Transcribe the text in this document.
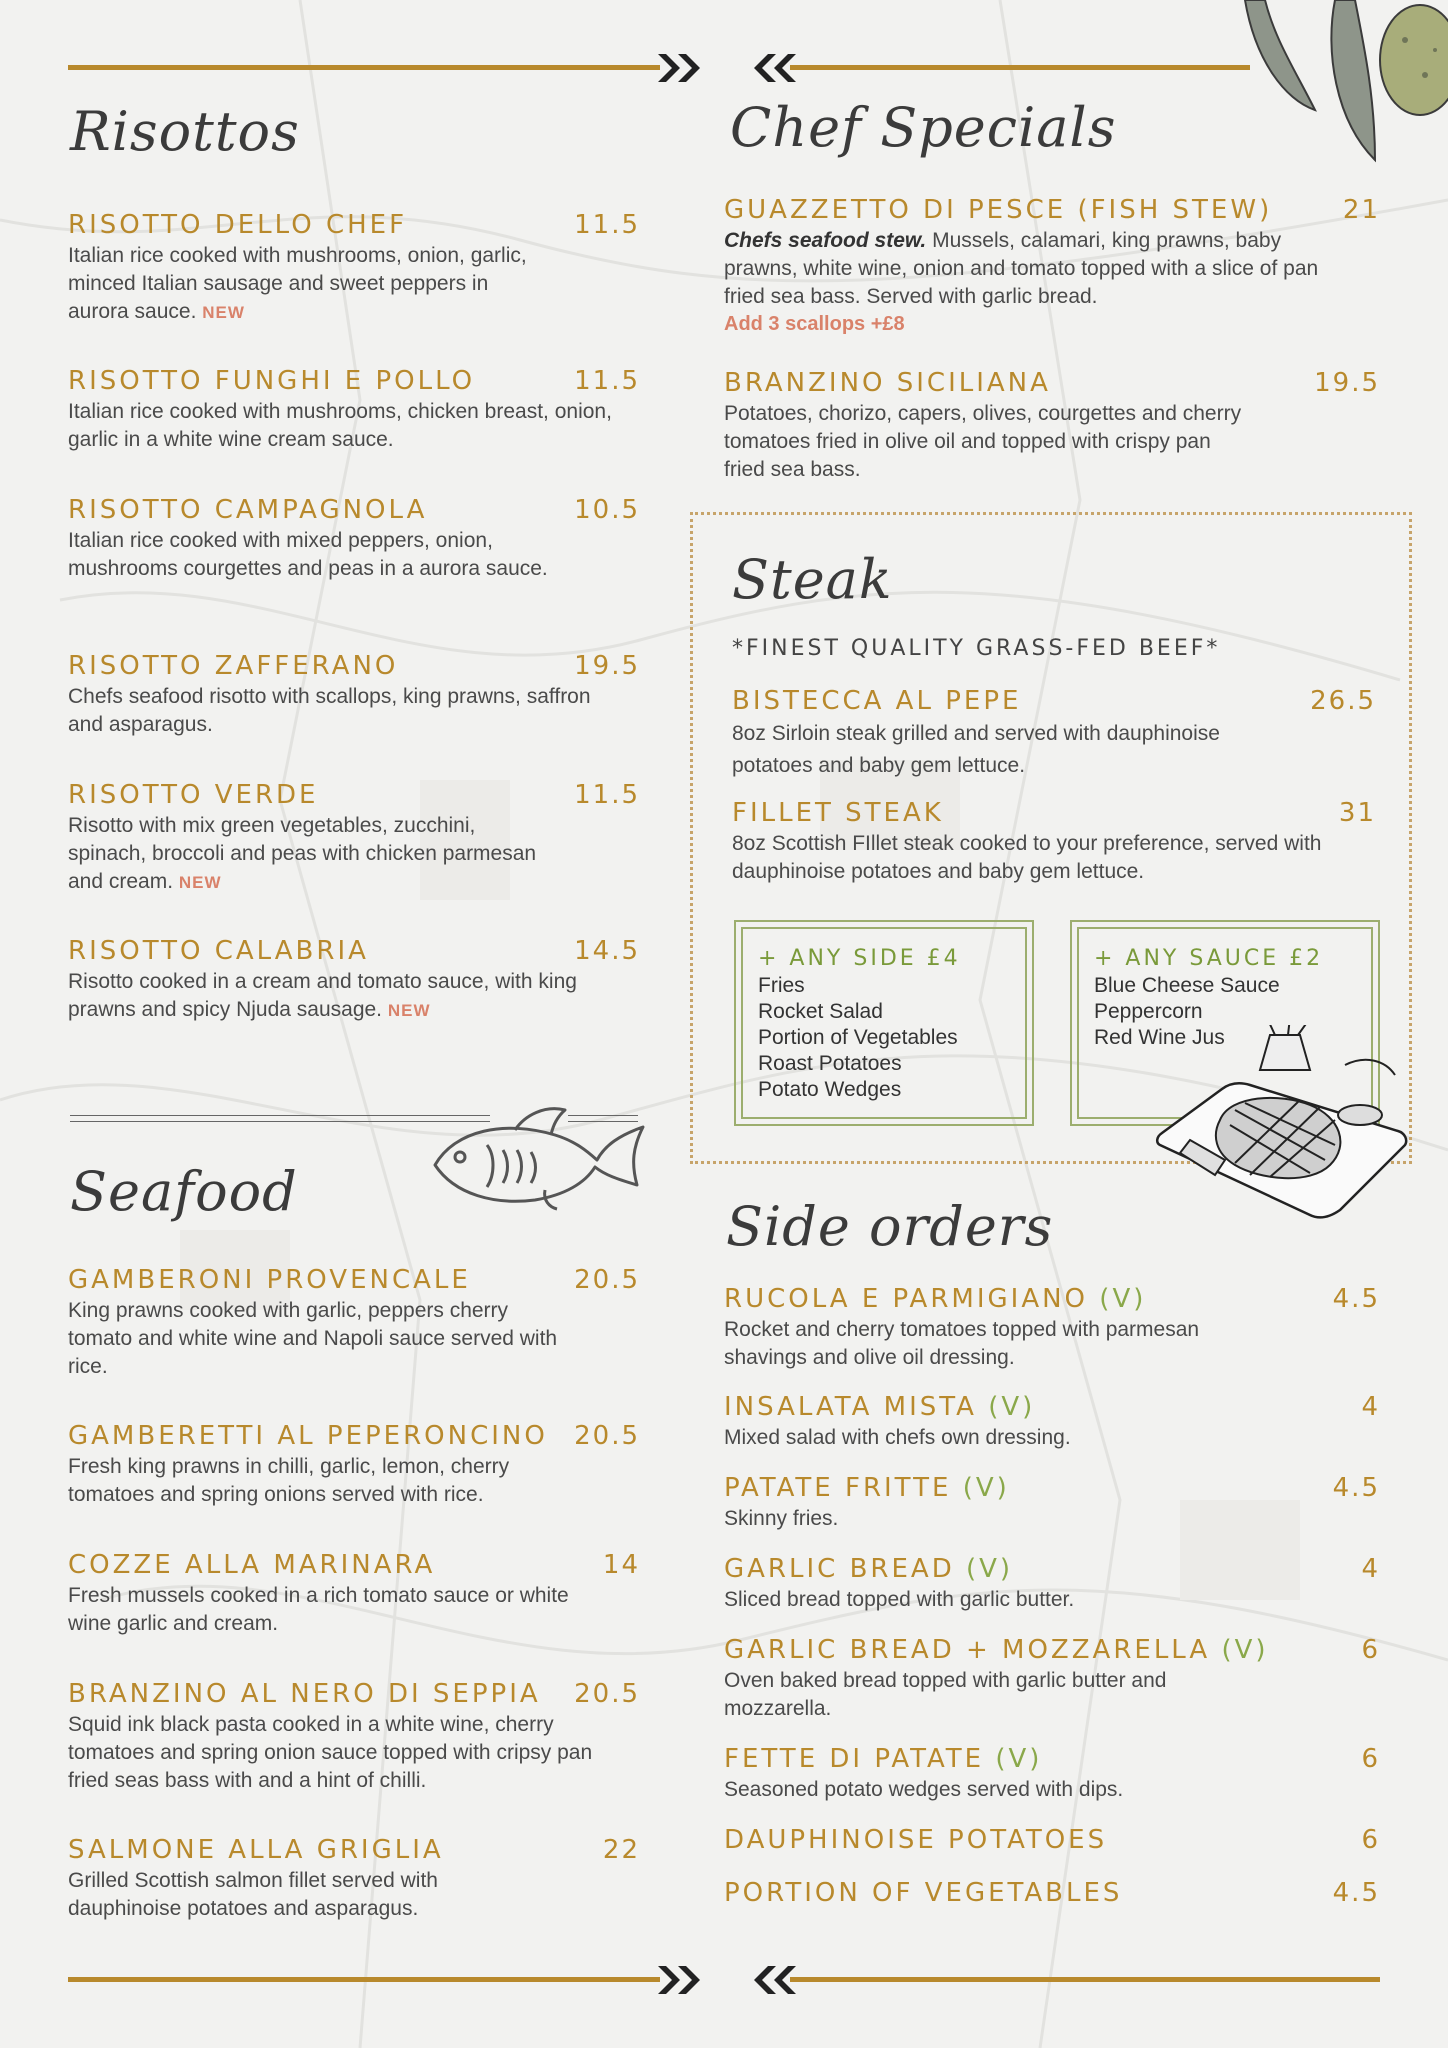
Risottos
RISOTTO DELLO CHEF	11.5
Italian rice cooked with mushrooms, onion, garlic, minced Italian sausage and sweet peppers in aurora sauce. NEW
RISOTTO FUNGHI E POLLO	11.5
Italian rice cooked with mushrooms, chicken breast, onion, garlic in a white wine cream sauce.
RISOTTO CAMPAGNOLA	10.5
Italian rice cooked with mixed peppers, onion, mushrooms courgettes and peas in a aurora sauce.
RISOTTO ZAFFERANO	19.5
Chefs seafood risotto with scallops, king prawns, saffron and asparagus.
RISOTTO VERDE	11.5
Risotto with mix green vegetables, zucchini, spinach, broccoli and peas with chicken parmesan and cream. NEW
RISOTTO CALABRIA	14.5
Risotto cooked in a cream and tomato sauce, with king prawns and spicy Njuda sausage. NEW
Seafood
GAMBERONI PROVENCALE	20.5
King prawns cooked with garlic, peppers cherry tomato and white wine and Napoli sauce served with rice.
GAMBERETTI AL PEPERONCINO 20.5
Fresh king prawns in chilli, garlic, lemon, cherry tomatoes and spring onions served with rice.
COZZE ALLA MARINARA	14
Fresh mussels cooked in a rich tomato sauce or white wine garlic and cream.
BRANZINO AL NERO DI SEPPIA 20.5
Squid ink black pasta cooked in a white wine, cherry tomatoes and spring onion sauce topped with cripsy pan fried seas bass with and a hint of chilli.
SALMONE ALLA GRIGLIA	22
Grilled Scottish salmon fillet served with dauphinoise potatoes and asparagus.
Chef Specials
GUAZZETTO DI PESCE (FISH STEW)	21
Chefs seafood stew. Mussels, calamari, king prawns, baby prawns, white wine, onion and tomato topped with a slice of pan fried sea bass. Served with garlic bread.
Add 3 scallops +£8
BRANZINO SICILIANA	19.5
Potatoes, chorizo, capers, olives, courgettes and cherry tomatoes fried in olive oil and topped with crispy pan fried sea bass.
Steak
*FINEST QUALITY GRASS-FED BEEF*
BISTECCA AL PEPE	26.5
8oz Sirloin steak grilled and served with dauphinoise potatoes and baby gem lettuce.
FILLET STEAK	31
8oz Scottish FIllet steak cooked to your preference, served with dauphinoise potatoes and baby gem lettuce.
+ ANY SIDE £4
Fries
Rocket Salad
Portion of Vegetables
Roast Potatoes
Potato Wedges
+ ANY SAUCE £2
Blue Cheese Sauce
Peppercorn
Red Wine Jus
Side orders
RUCOLA E PARMIGIANO (V)	4.5
Rocket and cherry tomatoes topped with parmesan shavings and olive oil dressing.
INSALATA MISTA (V)	4
Mixed salad with chefs own dressing.
PATATE FRITTE (V)	4.5
Skinny fries.
GARLIC BREAD (V)	4
Sliced bread topped with garlic butter.
GARLIC BREAD + MOZZARELLA (V)	6
Oven baked bread topped with garlic butter and mozzarella.
FETTE DI PATATE (V)	6
Seasoned potato wedges served with dips.
DAUPHINOISE POTATOES	6
PORTION OF VEGETABLES	4.5
